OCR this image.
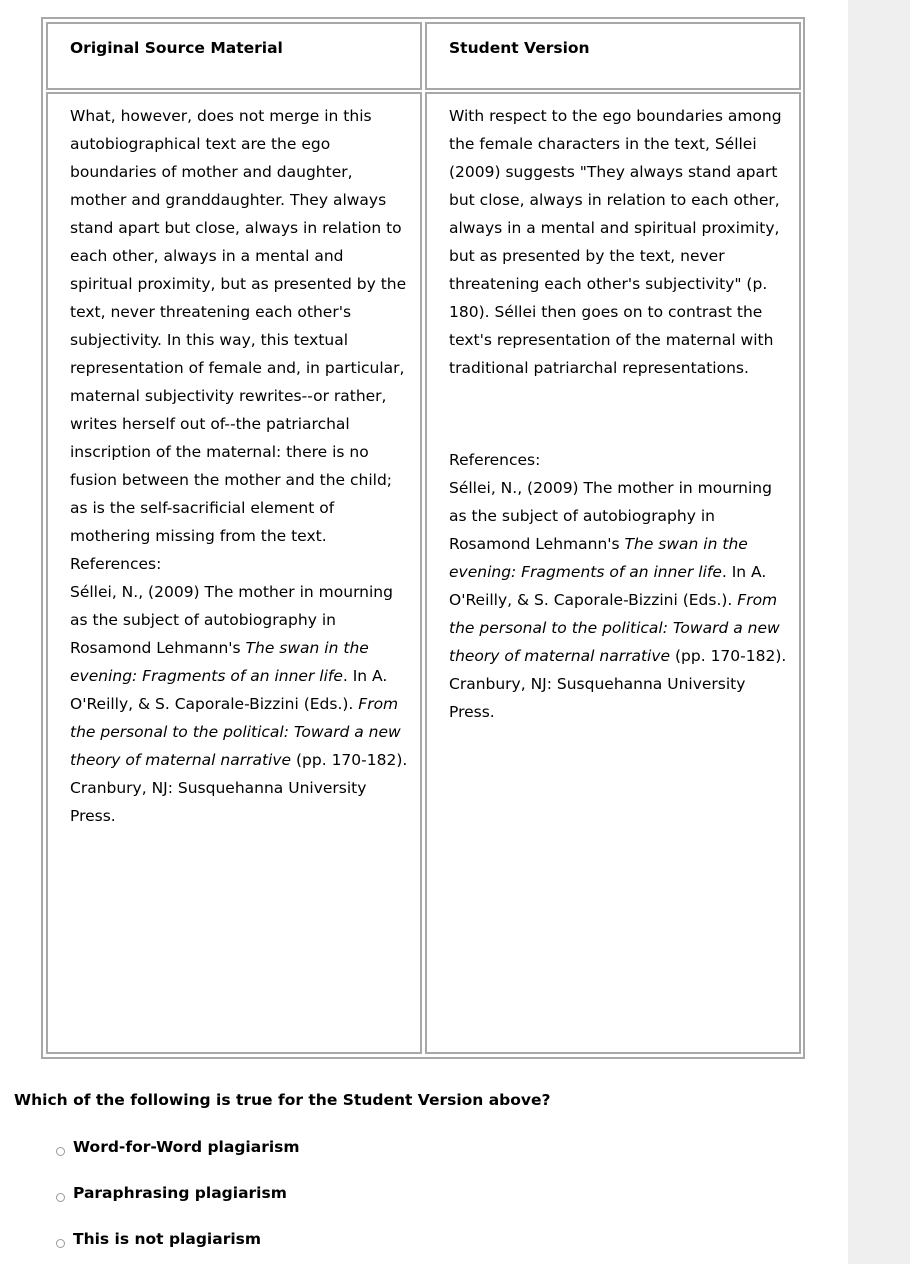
Original Source Material	Student Version

What, however, does not merge in this autobiographical text are the ego boundaries of mother and daughter, mother and granddaughter. They always stand apart but close, always in relation to each other, always in a mental and spiritual proximity, but as presented by the text, never threatening each other's subjectivity. In this way, this textual representation of female and, in particular, maternal subjectivity rewrites--or rather, writes herself out of--the patriarchal inscription of the maternal: there is no fusion between the mother and the child; as is the self-sacrificial element of mothering missing from the text.

References:
Séllei, N., (2009) The mother in mourning as the subject of autobiography in Rosamond Lehmann's The swan in the evening: Fragments of an inner life. In A. O'Reilly, & S. Caporale-Bizzini (Eds.). From the personal to the political: Toward a new theory of maternal narrative (pp. 170-182). Cranbury, NJ: Susquehanna University Press.

With respect to the ego boundaries among the female characters in the text, Séllei (2009) suggests "They always stand apart but close, always in relation to each other, always in a mental and spiritual proximity, but as presented by the text, never threatening each other's subjectivity" (p. 180). Séllei then goes on to contrast the text's representation of the maternal with traditional patriarchal representations.

References:
Séllei, N., (2009) The mother in mourning as the subject of autobiography in Rosamond Lehmann's The swan in the evening: Fragments of an inner life. In A. O'Reilly, & S. Caporale-Bizzini (Eds.). From the personal to the political: Toward a new theory of maternal narrative (pp. 170-182). Cranbury, NJ: Susquehanna University Press.

Which of the following is true for the Student Version above?
Word-for-Word plagiarism
Paraphrasing plagiarism
This is not plagiarism
